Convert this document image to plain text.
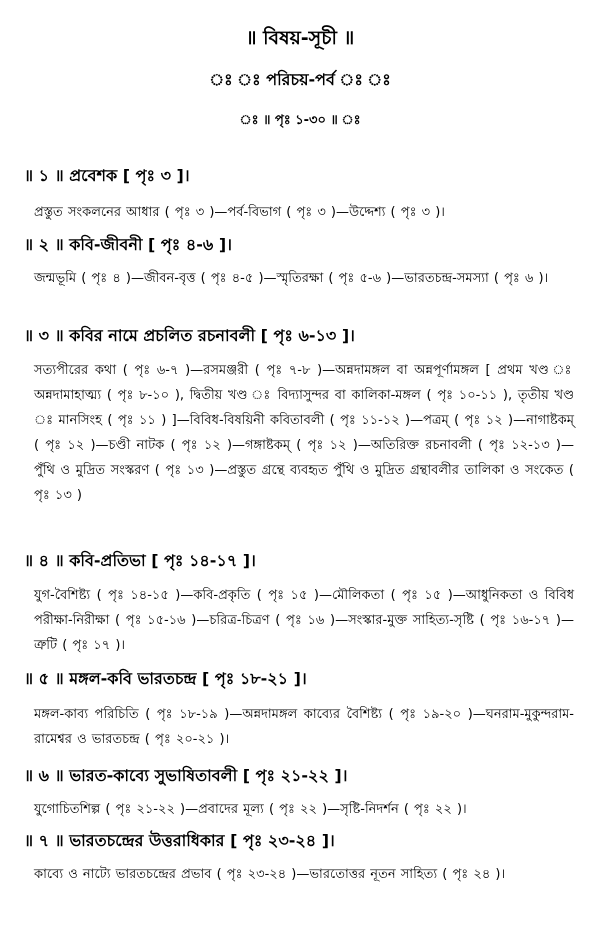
॥ বিষয়-সূচী ॥
ঃ ঃ পরিচয়-পর্ব ঃ ঃ
ঃ ॥ পৃঃ ১-৩০ ॥ ঃ
॥ ১ ॥ প্রবেশক [ পৃঃ ৩ ]।
প্রস্তুত সংকলনের আধার ( পৃঃ ৩ )—পর্ব-বিভাগ ( পৃঃ ৩ )—উদ্দেশ্য ( পৃঃ ৩ )।
॥ ২ ॥ কবি-জীবনী [ পৃঃ ৪-৬ ]।
জন্মভূমি ( পৃঃ ৪ )—জীবন-বৃত্ত ( পৃঃ ৪-৫ )—স্মৃতিরক্ষা ( পৃঃ ৫-৬ )—ভারতচন্দ্র-সমস্যা ( পৃঃ ৬ )।
॥ ৩ ॥ কবির নামে প্রচলিত রচনাবলী [ পৃঃ ৬-১৩ ]।
সত্যপীরের কথা ( পৃঃ ৬-৭ )—রসমঞ্জরী ( পৃঃ ৭-৮ )—অন্নদামঙ্গল বা অন্নপূর্ণামঙ্গল [ প্রথম খণ্ড ঃ অন্নদামাহাত্ম্য ( পৃঃ ৮-১০ ), দ্বিতীয় খণ্ড ঃ বিদ্যাসুন্দর বা কালিকা-মঙ্গল ( পৃঃ ১০-১১ ), তৃতীয় খণ্ড ঃ মানসিংহ ( পৃঃ ১১ ) ]—বিবিধ-বিষয়িনী কবিতাবলী ( পৃঃ ১১-১২ )—পত্রম্ ( পৃঃ ১২ )—নাগাষ্টকম্ ( পৃঃ ১২ )—চণ্ডী নাটক ( পৃঃ ১২ )—গঙ্গাষ্টকম্ ( পৃঃ ১২ )—অতিরিক্ত রচনাবলী ( পৃঃ ১২-১৩ )—পুঁথি ও মুদ্রিত সংস্করণ ( পৃঃ ১৩ )—প্রস্তুত গ্রন্থে ব্যবহৃত পুঁথি ও মুদ্রিত গ্রন্থাবলীর তালিকা ও সংকেত ( পৃঃ ১৩ )
॥ ৪ ॥ কবি-প্রতিভা [ পৃঃ ১৪-১৭ ]।
যুগ-বৈশিষ্ট্য ( পৃঃ ১৪-১৫ )—কবি-প্রকৃতি ( পৃঃ ১৫ )—মৌলিকতা ( পৃঃ ১৫ )—আধুনিকতা ও বিবিধ পরীক্ষা-নিরীক্ষা ( পৃঃ ১৫-১৬ )—চরিত্র-চিত্রণ ( পৃঃ ১৬ )—সংস্কার-মুক্ত সাহিত্য-সৃষ্টি ( পৃঃ ১৬-১৭ )—ত্রুটি ( পৃঃ ১৭ )।
॥ ৫ ॥ মঙ্গল-কবি ভারতচন্দ্র [ পৃঃ ১৮-২১ ]।
মঙ্গল-কাব্য পরিচিতি ( পৃঃ ১৮-১৯ )—অন্নদামঙ্গল কাব্যের বৈশিষ্ট্য ( পৃঃ ১৯-২০ )—ঘনরাম-মুকুন্দরাম-রামেশ্বর ও ভারতচন্দ্র ( পৃঃ ২০-২১ )।
॥ ৬ ॥ ভারত-কাব্যে সুভাষিতাবলী [ পৃঃ ২১-২২ ]।
যুগোচিতশিল্প ( পৃঃ ২১-২২ )—প্রবাদের মূল্য ( পৃঃ ২২ )—সৃষ্টি-নিদর্শন ( পৃঃ ২২ )।
॥ ৭ ॥ ভারতচন্দ্রের উত্তরাধিকার [ পৃঃ ২৩-২৪ ]।
কাব্যে ও নাট্যে ভারতচন্দ্রের প্রভাব ( পৃঃ ২৩-২৪ )—ভারতোত্তর নূতন সাহিত্য ( পৃঃ ২৪ )।
